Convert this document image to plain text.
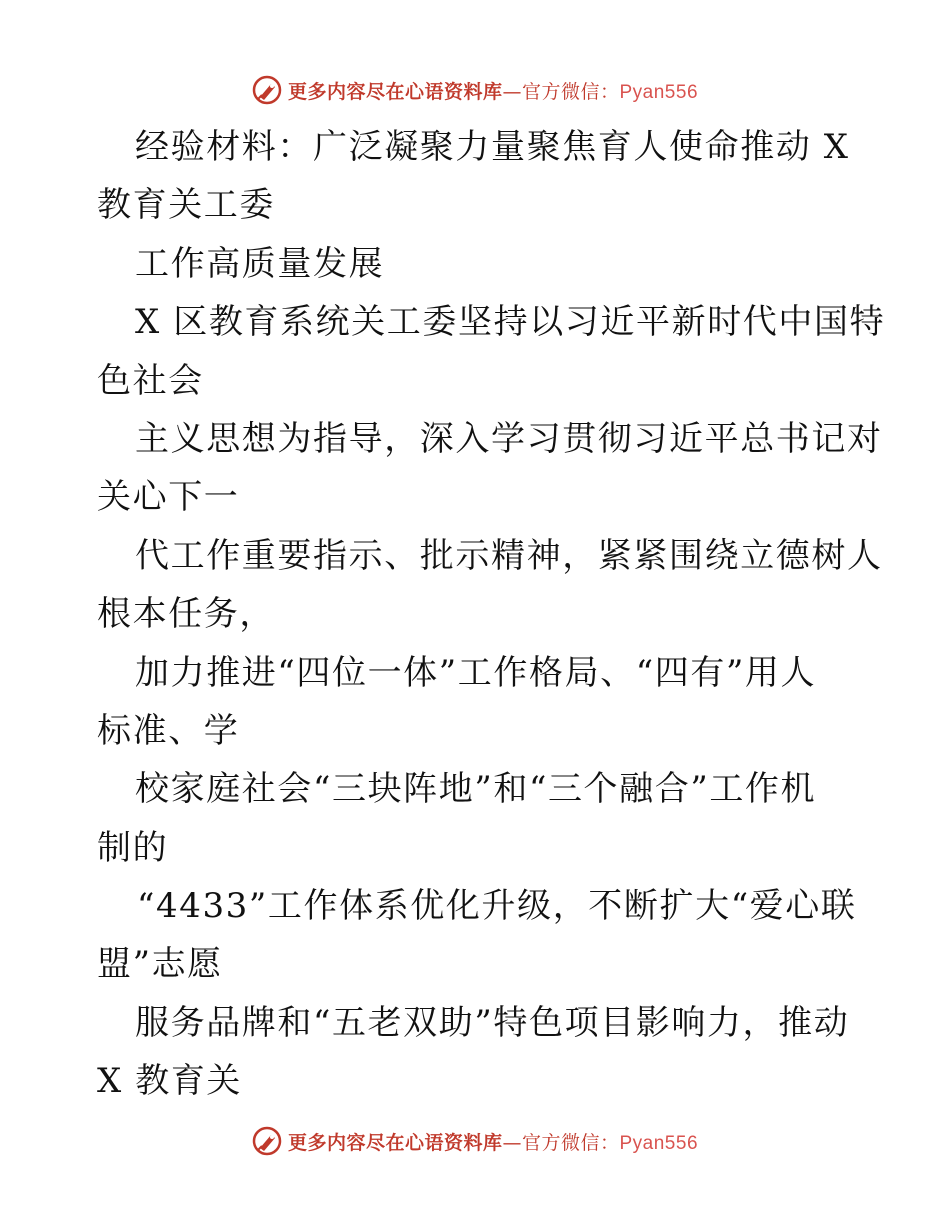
更多内容尽在心语资料库—官方微信：Pyan556
经验材料：广泛凝聚力量聚焦育人使命推动 X
教育关工委
工作高质量发展
X 区教育系统关工委坚持以习近平新时代中国特
色社会
主义思想为指导，深入学习贯彻习近平总书记对
关心下一
代工作重要指示、批示精神，紧紧围绕立德树人
根本任务，
加力推进“四位一体”工作格局、“四有”用人
标准、学
校家庭社会“三块阵地”和“三个融合”工作机
制的
“4433”工作体系优化升级，不断扩大“爱心联
盟”志愿
服务品牌和“五老双助”特色项目影响力，推动
X 教育关
更多内容尽在心语资料库—官方微信：Pyan556
